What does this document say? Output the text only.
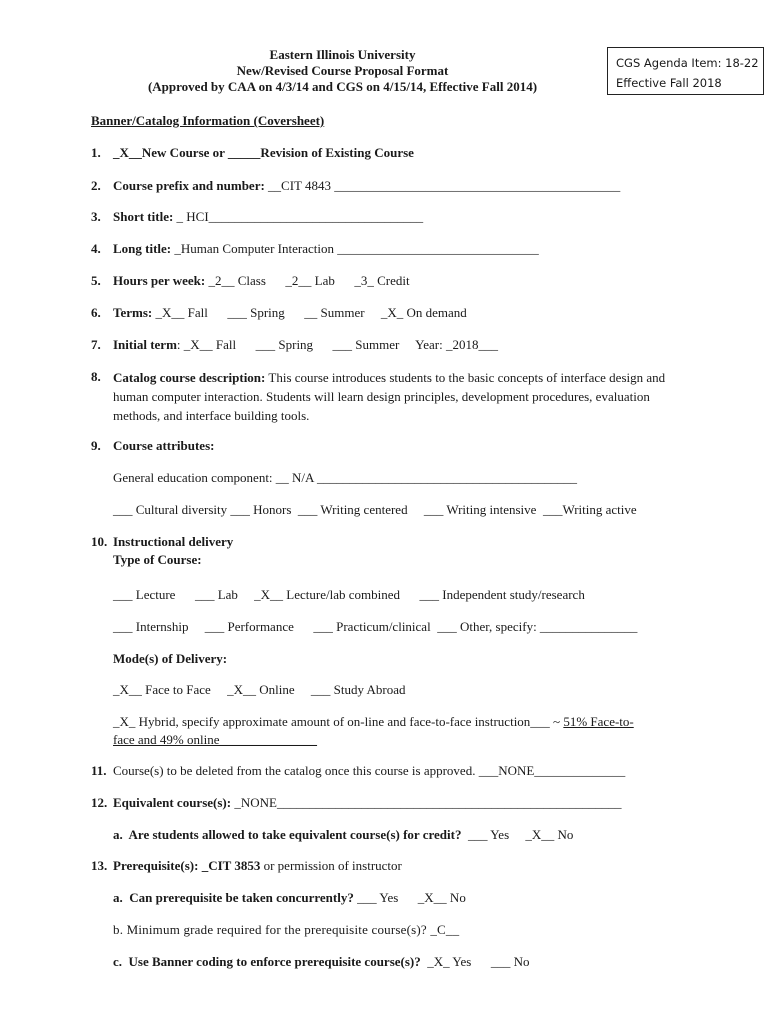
Eastern Illinois University
New/Revised Course Proposal Format
(Approved by CAA on 4/3/14 and CGS on 4/15/14, Effective Fall 2014)
CGS Agenda Item: 18-22
Effective Fall 2018
Banner/Catalog Information (Coversheet)
1. _X__New Course or _____Revision of Existing Course
2. Course prefix and number: __CIT 4843 ____________________________________________
3. Short title: _ HCI_________________________________
4. Long title: _Human Computer Interaction _______________________________
5. Hours per week: _2__ Class      _2__ Lab      _3_ Credit
6. Terms: _X__ Fall      ___ Spring      __ Summer     _X_ On demand
7. Initial term: _X__ Fall      ___ Spring      ___ Summer     Year: _2018___
8. Catalog course description: This course introduces students to the basic concepts of interface design and human computer interaction. Students will learn design principles, development procedures, evaluation methods, and interface building tools.
9. Course attributes:
General education component: __ N/A ________________________________________
___ Cultural diversity ___ Honors  ___ Writing centered     ___ Writing intensive  ___Writing active
10. Instructional delivery
Type of Course:
___ Lecture      ___ Lab     _X__ Lecture/lab combined      ___ Independent study/research
___ Internship     ___ Performance      ___ Practicum/clinical  ___ Other, specify: _______________
Mode(s) of Delivery:
_X__ Face to Face     _X__ Online     ___ Study Abroad
_X_ Hybrid, specify approximate amount of on-line and face-to-face instruction___ ~ 51% Face-to-
face and 49% online_______________
11. Course(s) to be deleted from the catalog once this course is approved. ___NONE______________
12. Equivalent course(s): _NONE_____________________________________________________
a.  Are students allowed to take equivalent course(s) for credit?  ___ Yes     _X__ No
13. Prerequisite(s): _CIT 3853 or permission of instructor
a.  Can prerequisite be taken concurrently? ___ Yes      _X__ No
b. Minimum grade required for the prerequisite course(s)? _C__
c.  Use Banner coding to enforce prerequisite course(s)?  _X_ Yes      ___ No
